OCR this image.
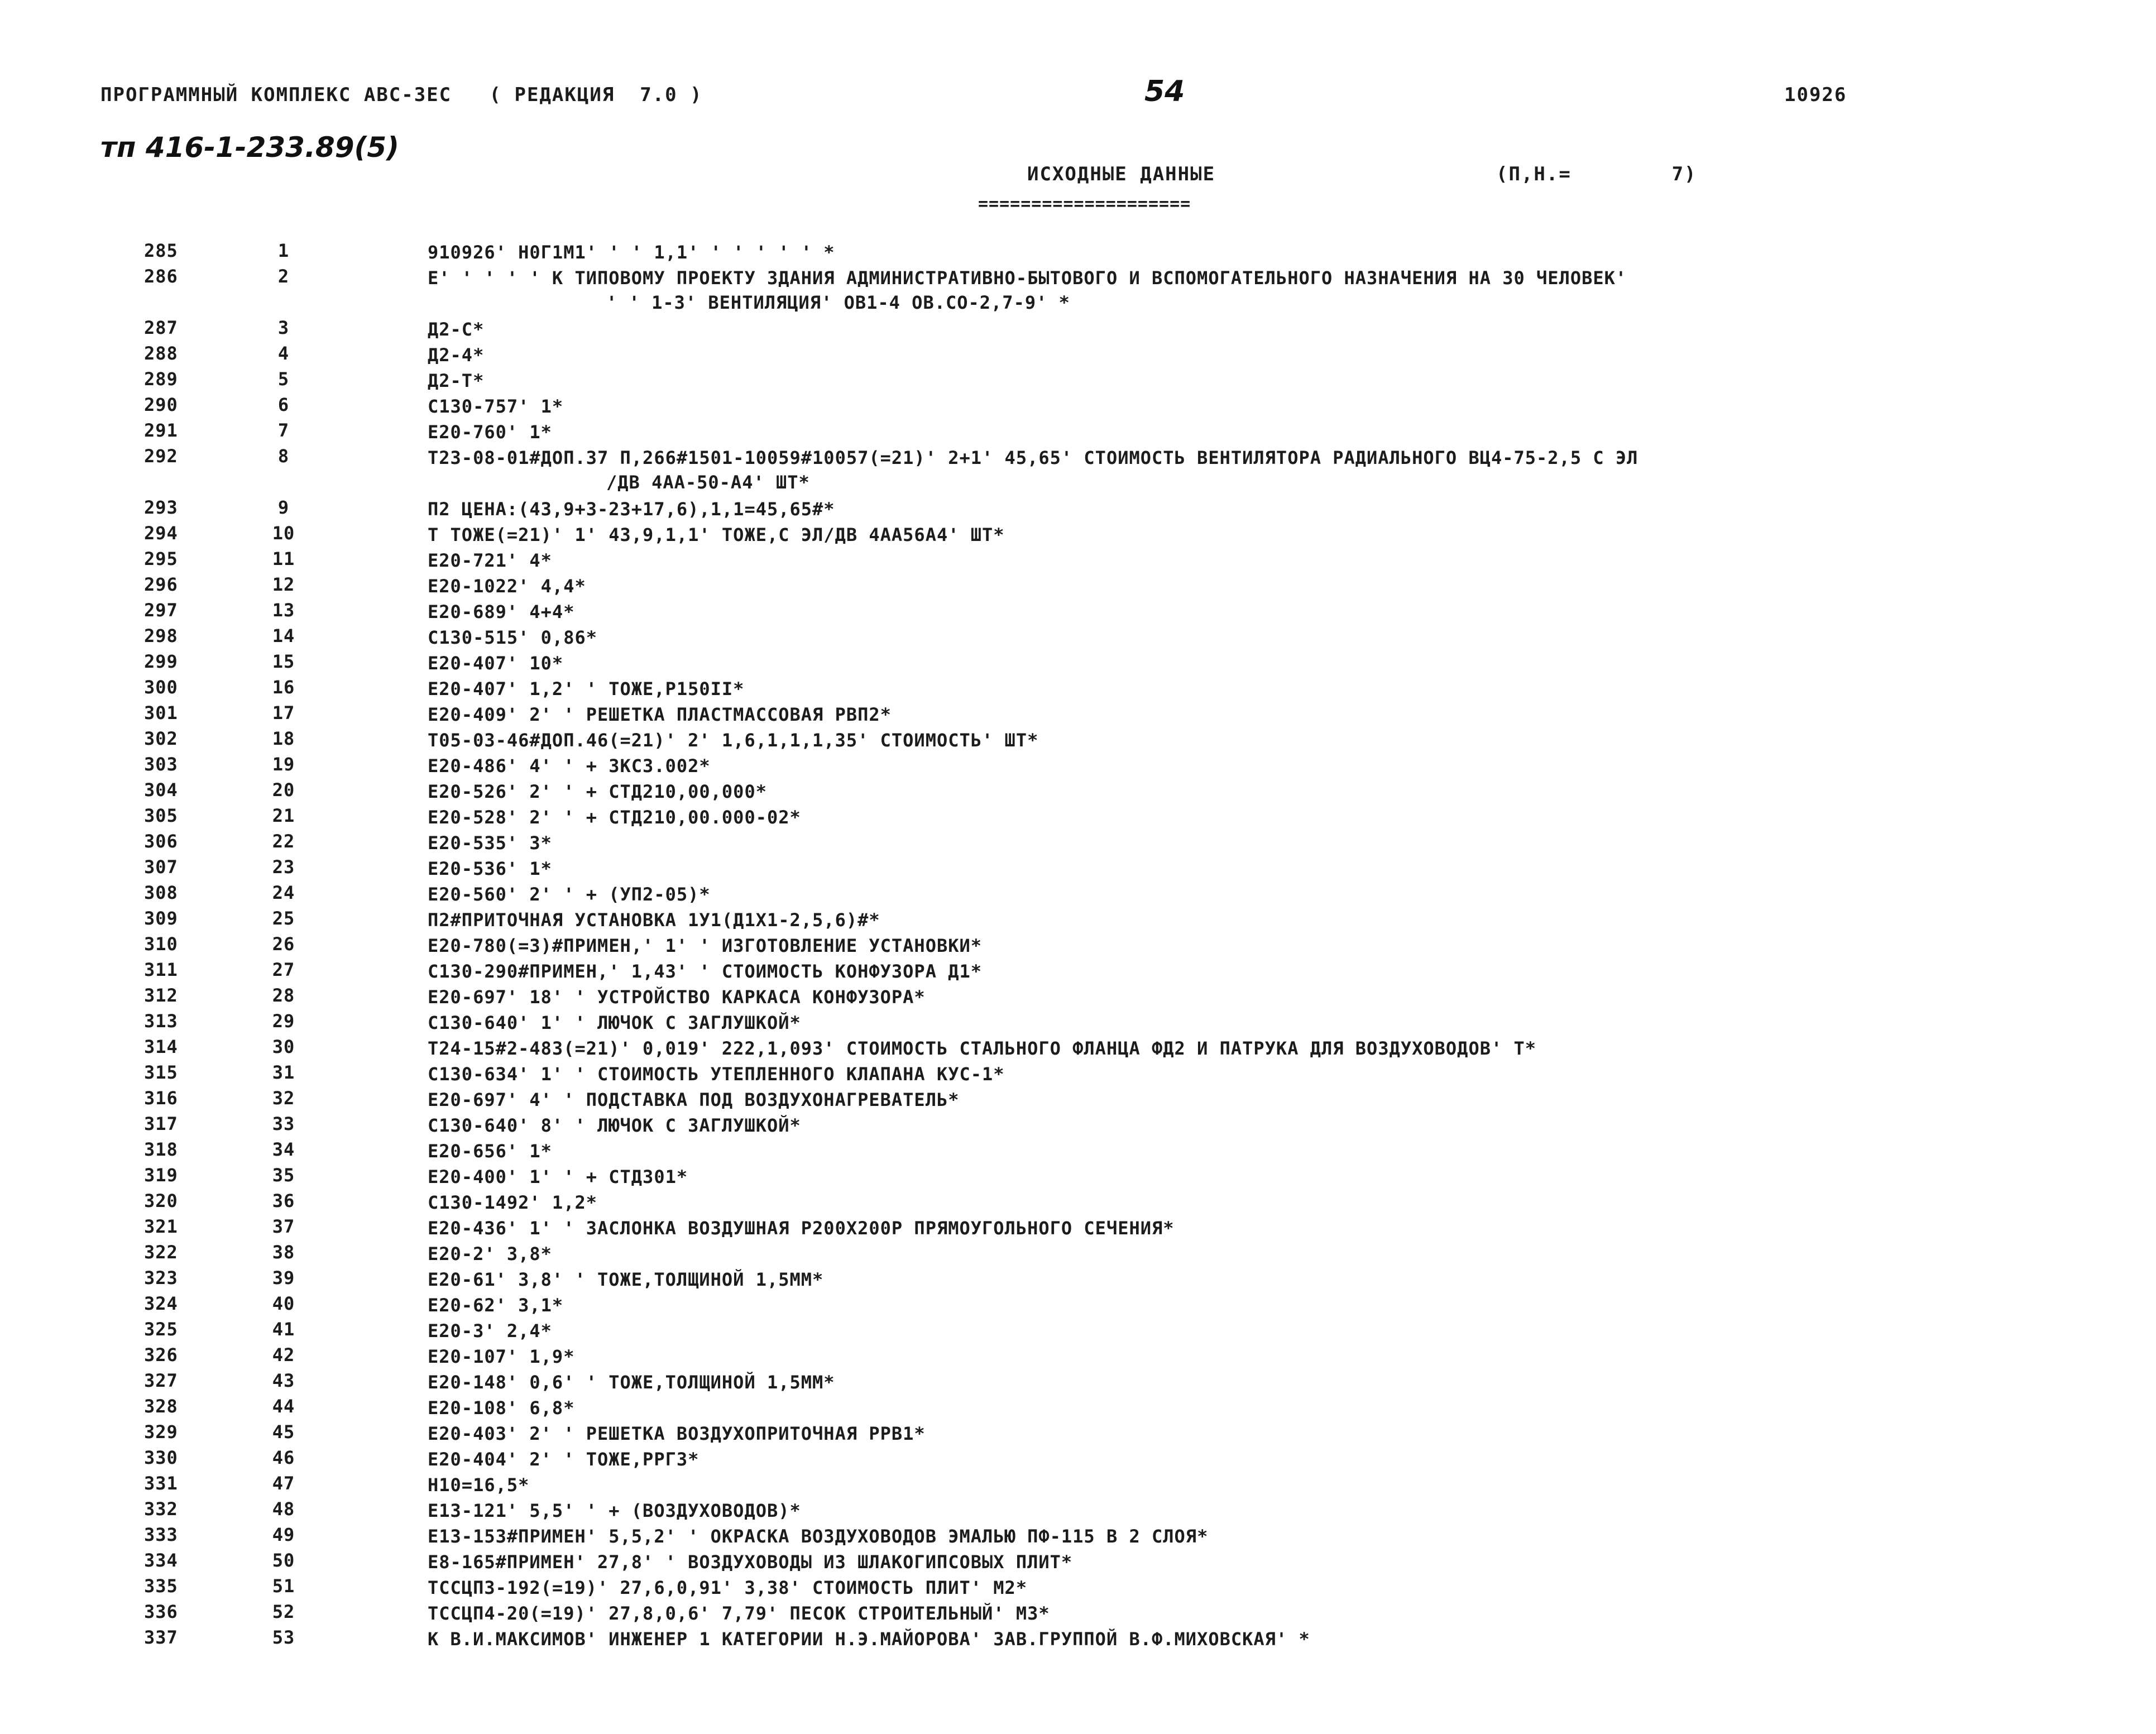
ПРОГРАММНЫЙ КОМПЛЕКС АВС-ЗЕС   ( РЕДАКЦИЯ  7.0 )	54	10926
тп 416-1-233.89(5)
ИСХОДНЫЕ ДАННЫЕ	(П,Н.=        7)
====================
285	1	910926' H0Г1M1' ' ' 1,1' ' ' ' ' ' *
286	2	Е' ' ' ' ' К ТИПОВОМУ ПРОЕКТУ ЗДАНИЯ АДМИНИСТРАТИВНО-БЫТОВОГО И ВСПОМОГАТЕЛЬНОГО НАЗНАЧЕНИЯ НА 30 ЧЕЛОВЕК'
' ' 1-3' ВЕНТИЛЯЦИЯ' ОВ1-4 ОВ.СО-2,7-9' *
287	3	Д2-С*
288	4	Д2-4*
289	5	Д2-Т*
290	6	С130-757' 1*
291	7	Е20-760' 1*
292	8	Т23-08-01#ДОП.37 П,266#1501-10059#10057(=21)' 2+1' 45,65' СТОИМОСТЬ ВЕНТИЛЯТОРА РАДИАЛЬНОГО ВЦ4-75-2,5 С ЭЛ
/ДВ 4АА-50-А4' ШТ*
293	9	П2 ЦЕНА:(43,9+3-23+17,6),1,1=45,65#*
294	10	Т ТОЖЕ(=21)' 1' 43,9,1,1' ТОЖЕ,С ЭЛ/ДВ 4АА56А4' ШТ*
295	11	Е20-721' 4*
296	12	Е20-1022' 4,4*
297	13	Е20-689' 4+4*
298	14	С130-515' 0,86*
299	15	Е20-407' 10*
300	16	Е20-407' 1,2' ' ТОЖЕ,Р150II*
301	17	Е20-409' 2' ' РЕШЕТКА ПЛАСТМАССОВАЯ РВП2*
302	18	Т05-03-46#ДОП.46(=21)' 2' 1,6,1,1,1,35' СТОИМОСТЬ' ШТ*
303	19	Е20-486' 4' ' + ЗКСЗ.002*
304	20	Е20-526' 2' ' + СТД210,00,000*
305	21	Е20-528' 2' ' + СТД210,00.000-02*
306	22	Е20-535' 3*
307	23	Е20-536' 1*
308	24	Е20-560' 2' ' + (УП2-05)*
309	25	П2#ПРИТОЧНАЯ УСТАНОВКА 1У1(Д1Х1-2,5,6)#*
310	26	Е20-780(=3)#ПРИМЕН,' 1' ' ИЗГОТОВЛЕНИЕ УСТАНОВКИ*
311	27	С130-290#ПРИМЕН,' 1,43' ' СТОИМОСТЬ КОНФУЗОРА Д1*
312	28	Е20-697' 18' ' УСТРОЙСТВО КАРКАСА КОНФУЗОРА*
313	29	С130-640' 1' ' ЛЮЧОК С ЗАГЛУШКОЙ*
314	30	Т24-15#2-483(=21)' 0,019' 222,1,093' СТОИМОСТЬ СТАЛЬНОГО ФЛАНЦА ФД2 И ПАТРУКА ДЛЯ ВОЗДУХОВОДОВ' Т*
315	31	С130-634' 1' ' СТОИМОСТЬ УТЕПЛЕННОГО КЛАПАНА КУС-1*
316	32	Е20-697' 4' ' ПОДСТАВКА ПОД ВОЗДУХОНАГРЕВАТЕЛЬ*
317	33	С130-640' 8' ' ЛЮЧОК С ЗАГЛУШКОЙ*
318	34	Е20-656' 1*
319	35	Е20-400' 1' ' + СТД301*
320	36	С130-1492' 1,2*
321	37	Е20-436' 1' ' ЗАСЛОНКА ВОЗДУШНАЯ Р200Х200Р ПРЯМОУГОЛЬНОГО СЕЧЕНИЯ*
322	38	Е20-2' 3,8*
323	39	Е20-61' 3,8' ' ТОЖЕ,ТОЛЩИНОЙ 1,5ММ*
324	40	Е20-62' 3,1*
325	41	Е20-3' 2,4*
326	42	Е20-107' 1,9*
327	43	Е20-148' 0,6' ' ТОЖЕ,ТОЛЩИНОЙ 1,5ММ*
328	44	Е20-108' 6,8*
329	45	Е20-403' 2' ' РЕШЕТКА ВОЗДУХОПРИТОЧНАЯ РРВ1*
330	46	Е20-404' 2' ' ТОЖЕ,РРГЗ*
331	47	Н10=16,5*
332	48	Е13-121' 5,5' ' + (ВОЗДУХОВОДОВ)*
333	49	Е13-153#ПРИМЕН' 5,5,2' ' ОКРАСКА ВОЗДУХОВОДОВ ЭМАЛЬЮ ПФ-115 В 2 СЛОЯ*
334	50	Е8-165#ПРИМЕН' 27,8' ' ВОЗДУХОВОДЫ ИЗ ШЛАКОГИПСОВЫХ ПЛИТ*
335	51	ТССЦП3-192(=19)' 27,6,0,91' 3,38' СТОИМОСТЬ ПЛИТ' М2*
336	52	ТССЦП4-20(=19)' 27,8,0,6' 7,79' ПЕСОК СТРОИТЕЛЬНЫЙ' М3*
337	53	К В.И.МАКСИМОВ' ИНЖЕНЕР 1 КАТЕГОРИИ Н.Э.МАЙОРОВА' ЗАВ.ГРУППОЙ В.Ф.МИХОВСКАЯ' *
